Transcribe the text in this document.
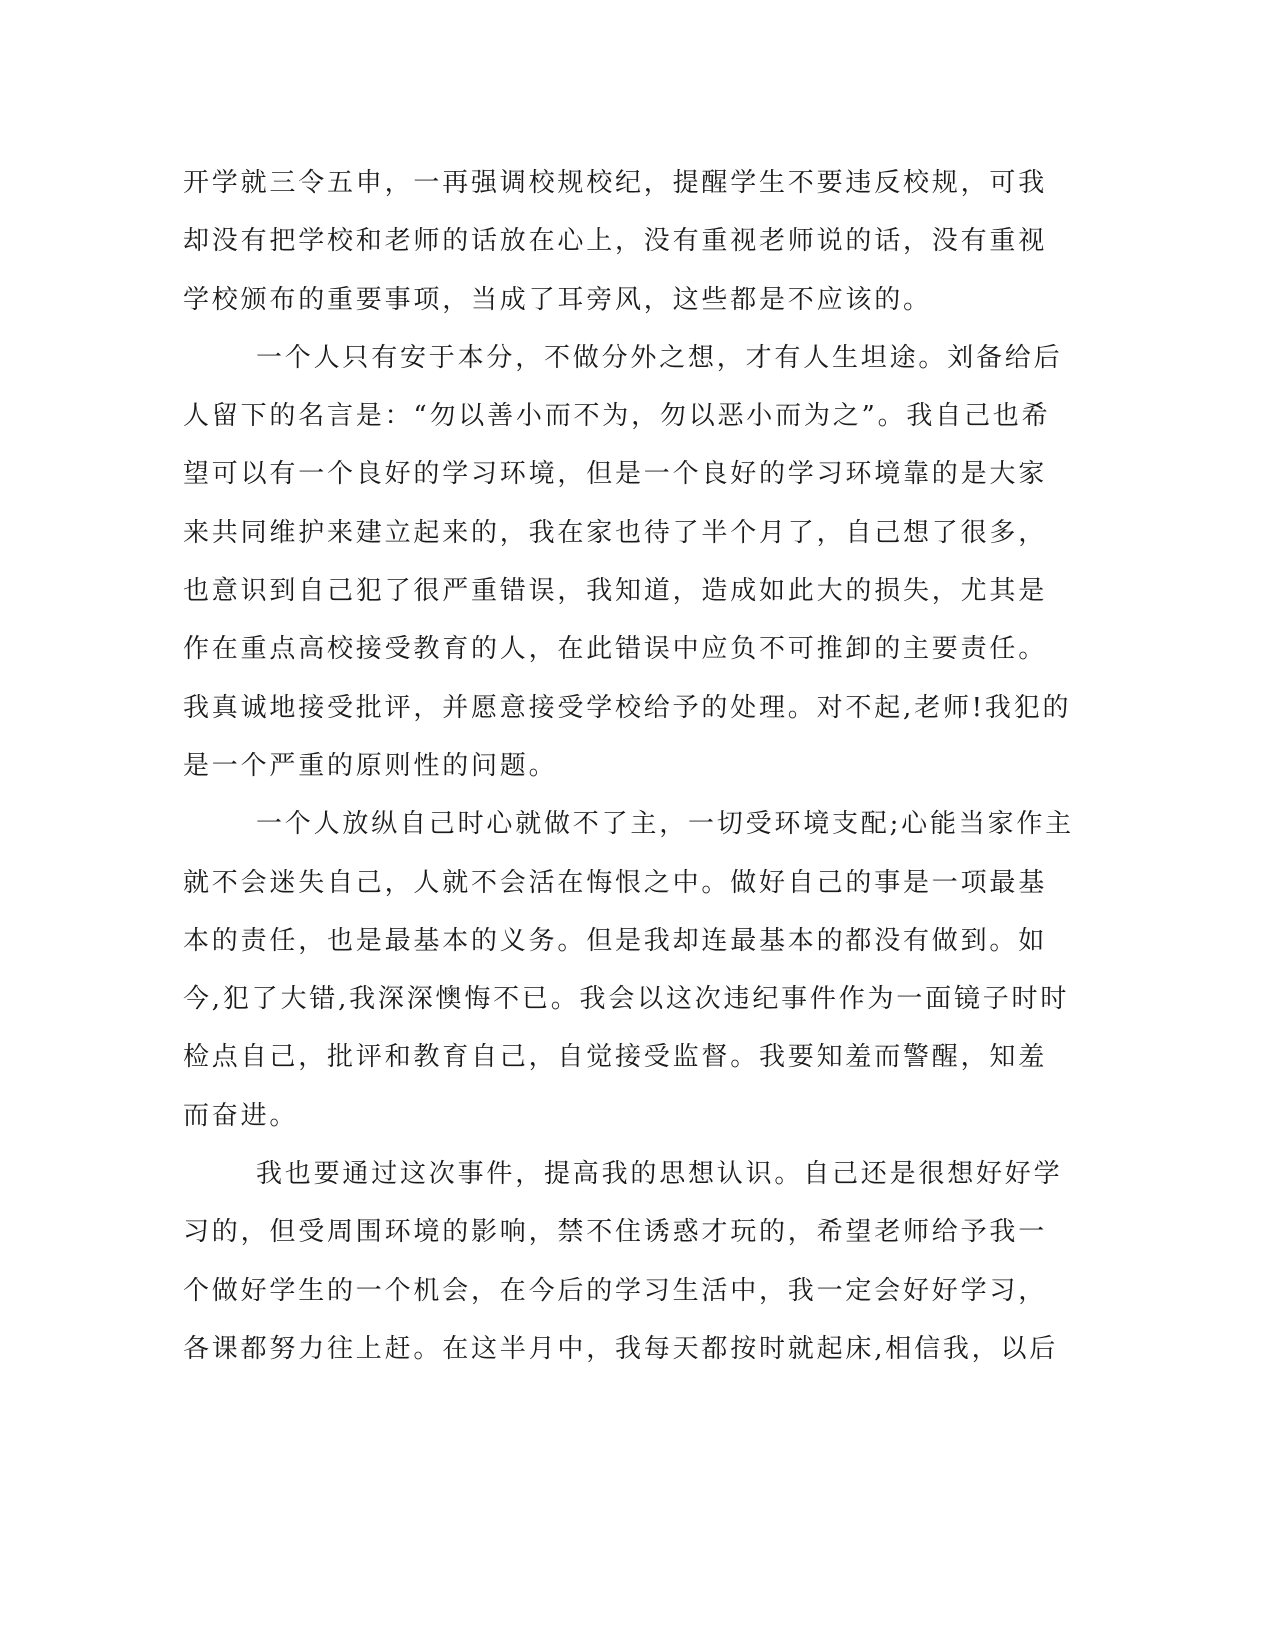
开学就三令五申，一再强调校规校纪，提醒学生不要违反校规，可我
却没有把学校和老师的话放在心上，没有重视老师说的话，没有重视
学校颁布的重要事项，当成了耳旁风，这些都是不应该的。
一个人只有安于本分，不做分外之想，才有人生坦途。刘备给后
人留下的名言是：“勿以善小而不为，勿以恶小而为之”。我自己也希
望可以有一个良好的学习环境，但是一个良好的学习环境靠的是大家
来共同维护来建立起来的，我在家也待了半个月了，自己想了很多，
也意识到自己犯了很严重错误，我知道，造成如此大的损失，尤其是
作在重点高校接受教育的人，在此错误中应负不可推卸的主要责任。
我真诚地接受批评，并愿意接受学校给予的处理。对不起,老师!我犯的
是一个严重的原则性的问题。
一个人放纵自己时心就做不了主，一切受环境支配;心能当家作主
就不会迷失自己，人就不会活在悔恨之中。做好自己的事是一项最基
本的责任，也是最基本的义务。但是我却连最基本的都没有做到。如
今,犯了大错,我深深懊悔不已。我会以这次违纪事件作为一面镜子时时
检点自己，批评和教育自己，自觉接受监督。我要知羞而警醒，知羞
而奋进。
我也要通过这次事件，提高我的思想认识。自己还是很想好好学
习的，但受周围环境的影响，禁不住诱惑才玩的，希望老师给予我一
个做好学生的一个机会，在今后的学习生活中，我一定会好好学习，
各课都努力往上赶。在这半月中，我每天都按时就起床,相信我，以后
